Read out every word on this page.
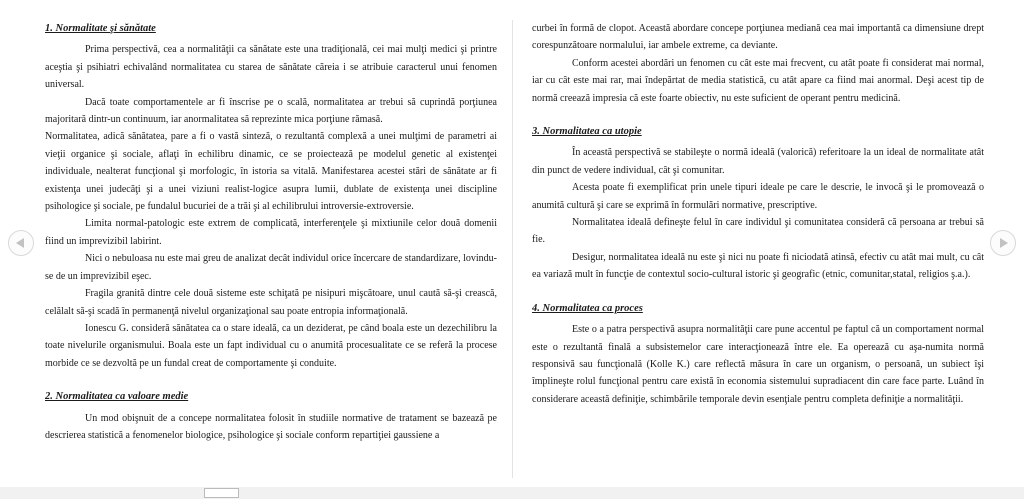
1. Normalitate şi sănătate

Prima perspectivă, cea a normalităţii ca sănătate este una tradiţională, cei mai mulţi medici şi printre aceştia şi psihiatri echivalând normalitatea cu starea de sănătate căreia i se atribuie caracterul unui fenomen universal.

Dacă toate comportamentele ar fi înscrise pe o scală, normalitatea ar trebui să cuprindă porţiunea majoritară dintr-un continuum, iar anormalitatea să reprezinte mica porţiune rămasă.

Normalitatea, adică sănătatea, pare a fi o vastă sinteză, o rezultantă complexă a unei mulţimi de parametri ai vieţii organice şi sociale, aflaţi în echilibru dinamic, ce se proiectează pe modelul genetic al existenţei individuale, nealterat funcţional şi morfologic, în istoria sa vitală. Manifestarea acestei stări de sănătate ar fi existenţa unei judecăţi şi a unei viziuni realist-logice asupra lumii, dublate de existenţa unei discipline psihologice şi sociale, pe fundalul bucuriei de a trăi şi al echilibrului introversie-extroversie.

Limita normal-patologic este extrem de complicată, interferenţele şi mixtiunile celor două domenii fiind un imprevizibil labirint.

Nici o nebuloasa nu este mai greu de analizat decât individul orice încercare de standardizare, lovindu-se de un imprevizibil eşec.

Fragila granită dintre cele două sisteme este schiţată pe nisipuri mişcătoare, unul caută să-şi crească, celălalt să-şi scadă în permanenţă nivelul organizaţional sau poate entropia informaţională.

Ionescu G. consideră sănătatea ca o stare ideală, ca un deziderat, pe când boala este un dezechilibru la toate nivelurile organismului. Boala este un fapt individual cu o anumită procesualitate ce se referă la procese morbide ce se dezvoltă pe un fundal creat de comportamente şi conduite.

2. Normalitatea ca valoare medie

Un mod obişnuit de a concepe normalitatea folosit în studiile normative de tratament se bazează pe descrierea statistică a fenomenelor biologice, psihologice şi sociale conform repartiţiei gaussiene a

curbei în formă de clopot. Această abordare concepe porţiunea mediană cea mai importantă ca dimensiune drept corespunzătoare normalului, iar ambele extreme, ca deviante.

Conform acestei abordări un fenomen cu cât este mai frecvent, cu atât poate fi considerat mai normal, iar cu cât este mai rar, mai îndepărtat de media statistică, cu atât apare ca fiind mai anormal. Deşi acest tip de normă creează impresia că este foarte obiectiv, nu este suficient de operant pentru medicină.

3. Normalitatea ca utopie

În această perspectivă se stabileşte o normă ideală (valorică) referitoare la un ideal de normalitate atât din punct de vedere individual, cât şi comunitar.

Acesta poate fi exemplificat prin unele tipuri ideale pe care le descrie, le invocă şi le promovează o anumită cultură şi care se exprimă în formulări normative, prescriptive.

Normalitatea ideală defineşte felul în care individul şi comunitatea consideră că persoana ar trebui să fie.

Desigur, normalitatea ideală nu este şi nici nu poate fi niciodată atinsă, efectiv cu atât mai mult, cu cât ea variază mult în funcţie de contextul socio-cultural istoric şi geografic (etnic, comunitar,statal, religios ş.a.).

4. Normalitatea ca proces

Este o a patra perspectivă asupra normalităţii care pune accentul pe faptul că un comportament normal este o rezultantă finală a subsistemelor care interacţionează între ele. Ea operează cu aşa-numita normă responsivă sau funcţională (Kolle K.) care reflectă măsura în care un organism, o persoană, un subiect îşi împlineşte rolul funcţional pentru care există în economia sistemului supradiacent din care face parte. Luând în considerare această definiţie, schimbările temporale devin esenţiale pentru completa definiţie a normalităţii.
